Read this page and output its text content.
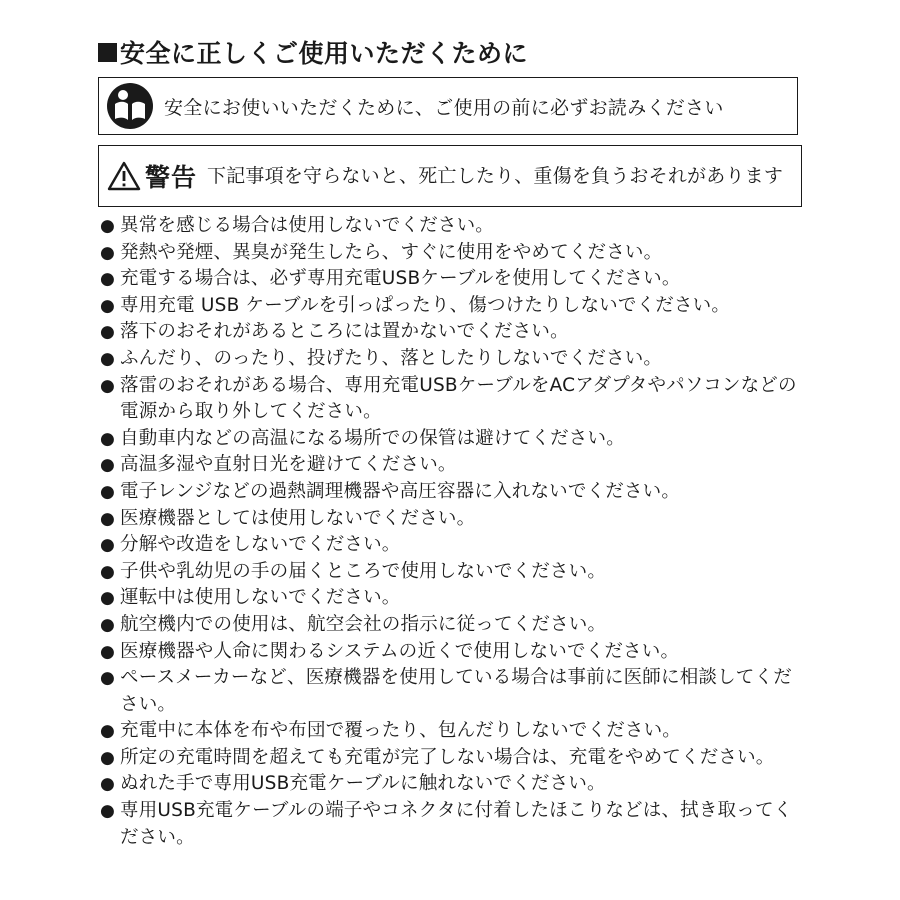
安全に正しくご使用いただくために
安全にお使いいただくために、ご使用の前に必ずお読みください
警告 下記事項を守らないと、死亡したり、重傷を負うおそれがあります
● 異常を感じる場合は使用しないでください。
● 発熱や発煙、異臭が発生したら、すぐに使用をやめてください。
● 充電する場合は、必ず専用充電USBケーブルを使用してください。
● 専用充電 USB ケーブルを引っぱったり、傷つけたりしないでください。
● 落下のおそれがあるところには置かないでください。
● ふんだり、のったり、投げたり、落としたりしないでください。
● 落雷のおそれがある場合、専用充電USBケーブルをACアダプタやパソコンなどの電源から取り外してください。
● 自動車内などの高温になる場所での保管は避けてください。
● 高温多湿や直射日光を避けてください。
● 電子レンジなどの過熱調理機器や高圧容器に入れないでください。
● 医療機器としては使用しないでください。
● 分解や改造をしないでください。
● 子供や乳幼児の手の届くところで使用しないでください。
● 運転中は使用しないでください。
● 航空機内での使用は、航空会社の指示に従ってください。
● 医療機器や人命に関わるシステムの近くで使用しないでください。
● ペースメーカーなど、医療機器を使用している場合は事前に医師に相談してください。
● 充電中に本体を布や布団で覆ったり、包んだりしないでください。
● 所定の充電時間を超えても充電が完了しない場合は、充電をやめてください。
● ぬれた手で専用USB充電ケーブルに触れないでください。
● 専用USB充電ケーブルの端子やコネクタに付着したほこりなどは、拭き取ってください。
